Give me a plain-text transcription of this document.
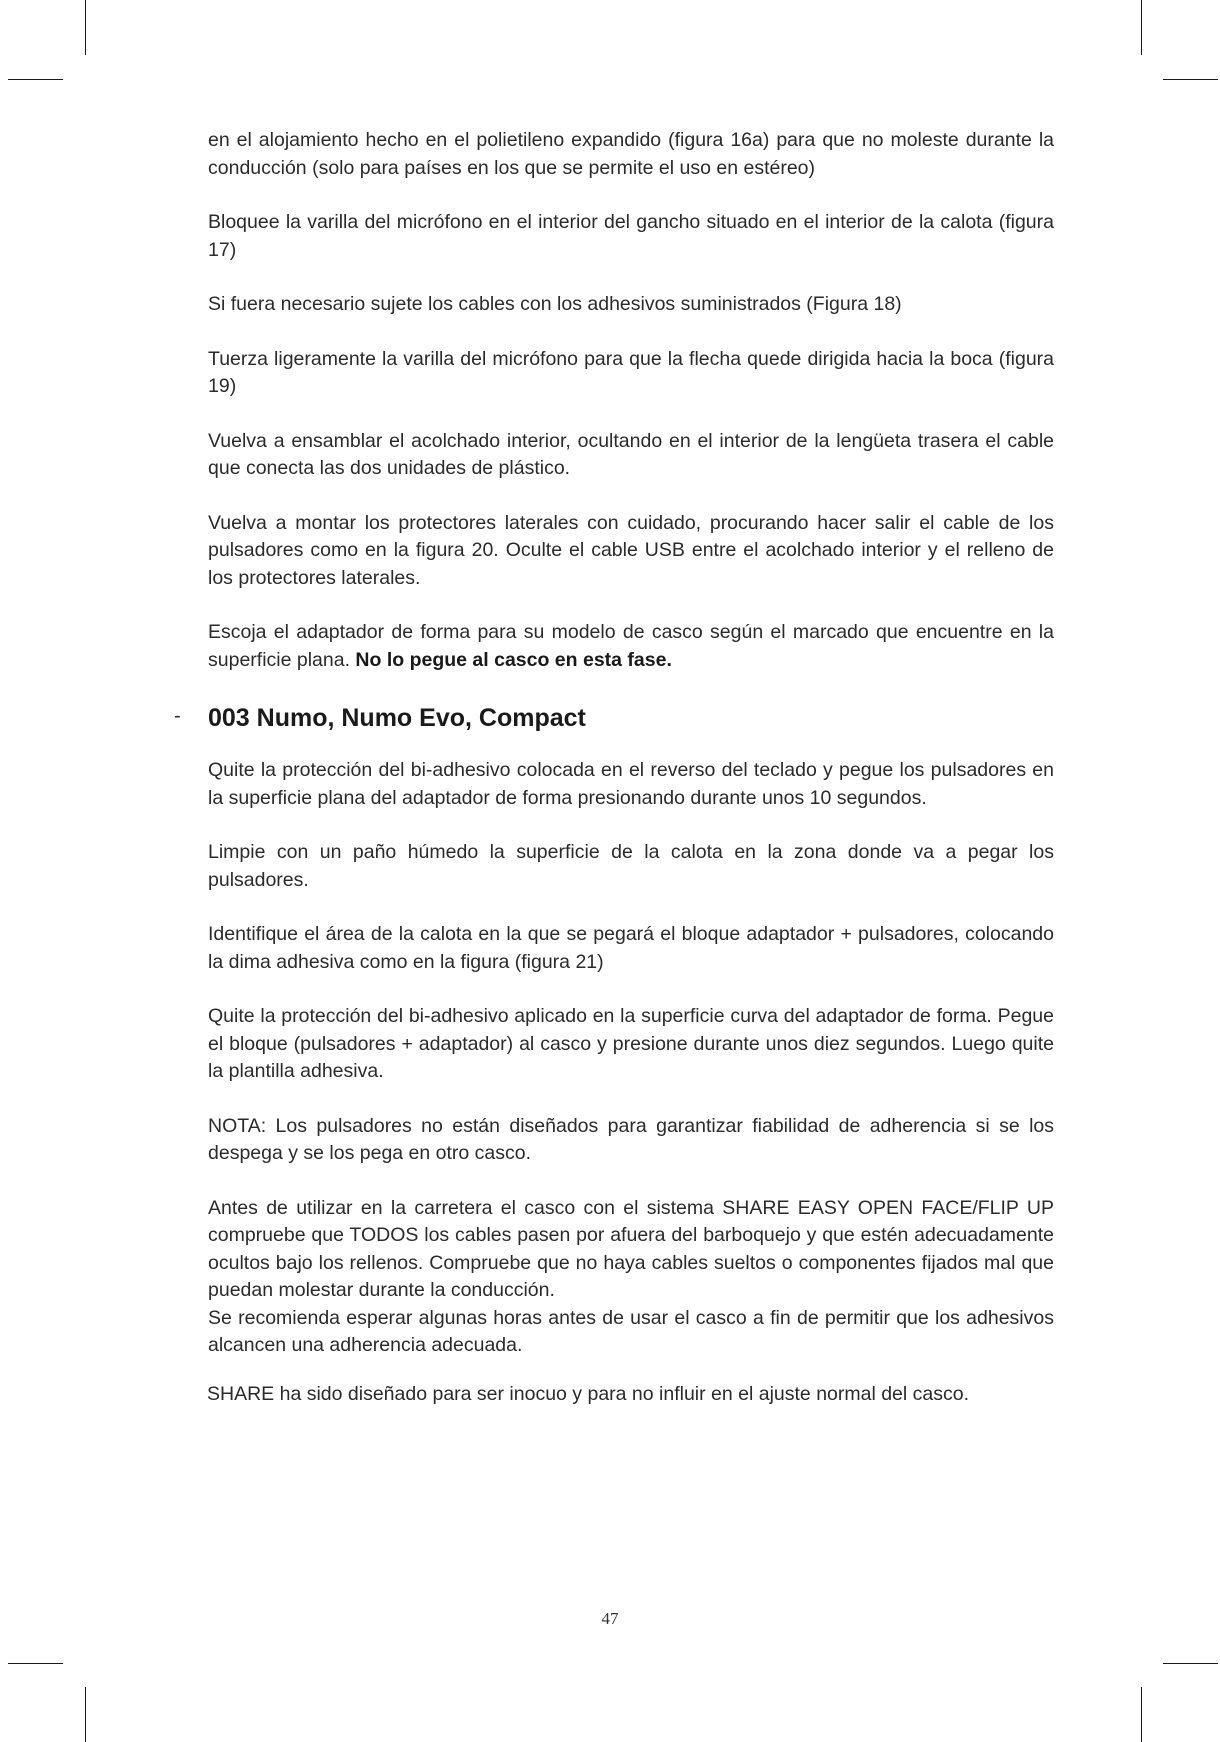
en el alojamiento hecho en el polietileno expandido (figura 16a) para que no moleste durante la conducción (solo para países en los que se permite el uso en estéreo)

Bloquee la varilla del micrófono en el interior del gancho situado en el interior de la calota (figura 17)

Si fuera necesario sujete los cables con los adhesivos suministrados (Figura 18)

Tuerza ligeramente la varilla del micrófono para que la flecha quede dirigida hacia la boca (figura 19)

Vuelva a ensamblar el acolchado interior, ocultando en el interior de la lengüeta trasera el cable que conecta las dos unidades de plástico.

Vuelva a montar los protectores laterales con cuidado, procurando hacer salir el cable de los pulsadores como en la figura 20. Oculte el cable USB entre el acolchado interior y el relleno de los protectores laterales.

Escoja el adaptador de forma para su modelo de casco según el marcado que encuentre en la superficie plana. No lo pegue al casco en esta fase.

- 003 Numo, Numo Evo, Compact

Quite la protección del bi-adhesivo colocada en el reverso del teclado y pegue los pulsadores en la superficie plana del adaptador de forma presionando durante unos 10 segundos.

Limpie con un paño húmedo la superficie de la calota en la zona donde va a pegar los pulsadores.

Identifique el área de la calota en la que se pegará el bloque adaptador + pulsadores, colocando la dima adhesiva como en la figura (figura 21)

Quite la protección del bi-adhesivo aplicado en la superficie curva del adaptador de forma. Pegue el bloque (pulsadores + adaptador) al casco y presione durante unos diez segundos. Luego quite la plantilla adhesiva.

NOTA: Los pulsadores no están diseñados para garantizar fiabilidad de adherencia si se los despega y se los pega en otro casco.

Antes de utilizar en la carretera el casco con el sistema SHARE EASY OPEN FACE/FLIP UP compruebe que TODOS los cables pasen por afuera del barboquejo y que estén adecuadamente ocultos bajo los rellenos. Compruebe que no haya cables sueltos o componentes fijados mal que puedan molestar durante la conducción.
Se recomienda esperar algunas horas antes de usar el casco a fin de permitir que los adhesivos alcancen una adherencia adecuada.

SHARE ha sido diseñado para ser inocuo y para no influir en el ajuste normal del casco.

47
